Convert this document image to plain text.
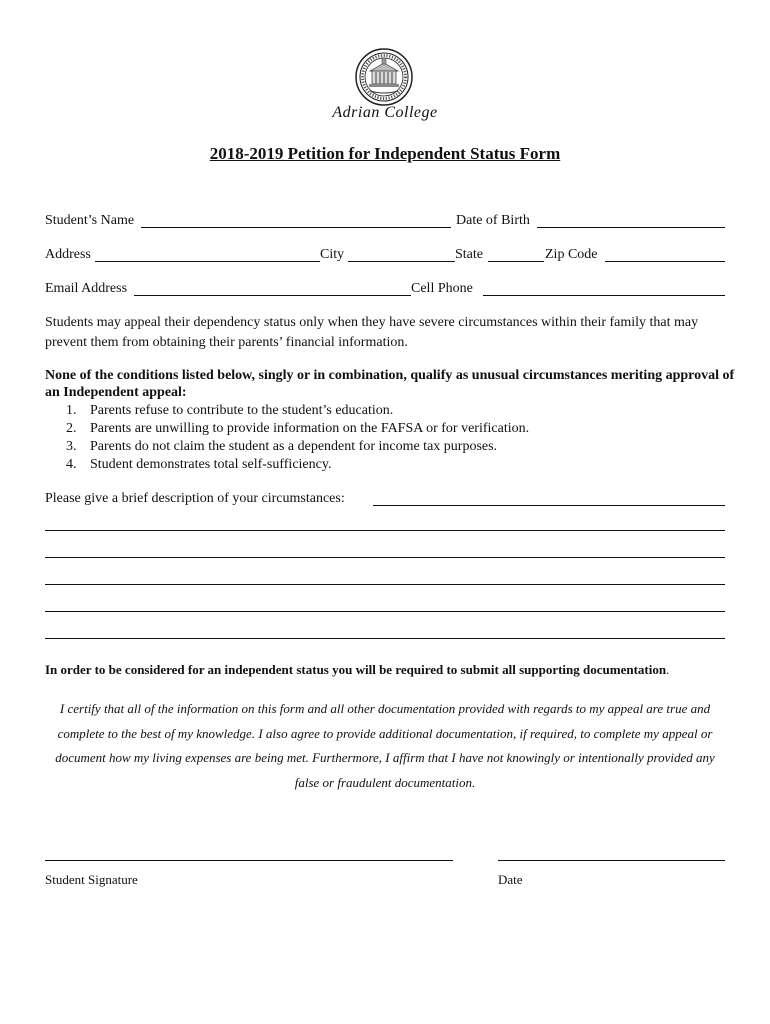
Adrian College
2018-2019 Petition for Independent Status Form
Student’s Name	Date of Birth
Address	City	State	Zip Code
Email Address	Cell Phone
Students may appeal their dependency status only when they have severe circumstances within their family that may prevent them from obtaining their parents’ financial information.
None of the conditions listed below, singly or in combination, qualify as unusual circumstances meriting approval of an Independent appeal:
1. Parents refuse to contribute to the student’s education.
2. Parents are unwilling to provide information on the FAFSA or for verification.
3. Parents do not claim the student as a dependent for income tax purposes.
4. Student demonstrates total self-sufficiency.
Please give a brief description of your circumstances:
In order to be considered for an independent status you will be required to submit all supporting documentation.
I certify that all of the information on this form and all other documentation provided with regards to my appeal are true and complete to the best of my knowledge. I also agree to provide additional documentation, if required, to complete my appeal or document how my living expenses are being met. Furthermore, I affirm that I have not knowingly or intentionally provided any false or fraudulent documentation.
Student Signature	Date
